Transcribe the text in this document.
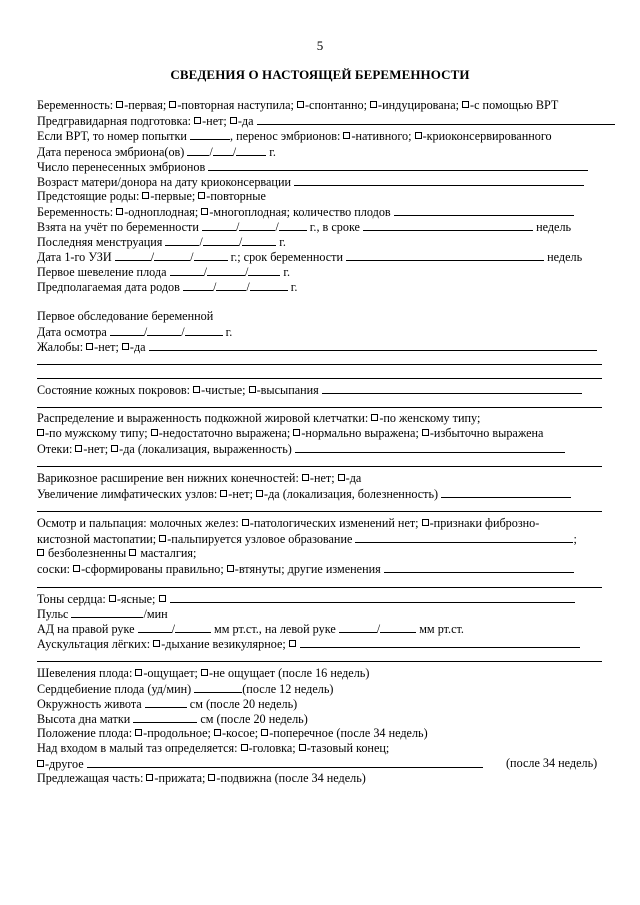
5
СВЕДЕНИЯ О НАСТОЯЩЕЙ БЕРЕМЕННОСТИ
Беременность: -первая; -повторная наступила; -спонтанно; -индуцирована; -с помощью ВРТ
Предгравидарная подготовка: -нет; -да
Если ВРТ, то номер попытки	, перенос эмбрионов: -нативного; -криоконсервированного
Дата переноса эмбриона(ов) / /	г.
Число перенесенных эмбрионов
Возраст матери/донора на дату криоконсервации
Предстоящие роды: -первые; -повторные
Беременность: -одноплодная; -многоплодная; количество плодов
Взята на учёт по беременности	/	/	г., в сроке	недель
Последняя менструация	/	/	г.
Дата 1-го УЗИ	/	/	г.; срок беременности	недель
Первое шевеление плода	/	/	г.
Предполагаемая дата родов	/ /	г.
Первое обследование беременной
Дата осмотра	/	/	г.
Жалобы: -нет; -да
Состояние кожных покровов: -чистые; -высыпания
Распределение и выраженность подкожной жировой клетчатки: -по женскому типу;
-по мужскому типу; -недостаточно выражена; -нормально выражена; -избыточно выражена
Отеки: -нет; -да (локализация, выраженность)
Варикозное расширение вен нижних конечностей: -нет; -да
Увеличение лимфатических узлов: -нет; -да (локализация, болезненность)
Осмотр и пальпация: молочных желез: -патологических изменений нет; -признаки фиброзно-
кистозной мастопатии; -пальпируется узловое образование	;
безболезненны  масталгия;
соски: -сформированы правильно; -втянуты; другие изменения
Тоны сердца: -ясные;
Пульс	/мин
АД на правой руке	/	мм рт.ст., на левой руке	/	мм рт.ст.
Аускультация лёгких: -дыхание везикулярное;
Шевеления плода: -ощущает; -не ощущает (после 16 недель)
Сердцебиение плода (уд/мин)	(после 12 недель)
Окружность живота	см (после 20 недель)
Высота дна матки	см (после 20 недель)
Положение плода: -продольное; -косое; -поперечное (после 34 недель)
Над входом в малый таз определяется: -головка; -тазовый конец;
-другое	(после 34 недель)
Предлежащая часть: -прижата; -подвижна (после 34 недель)
